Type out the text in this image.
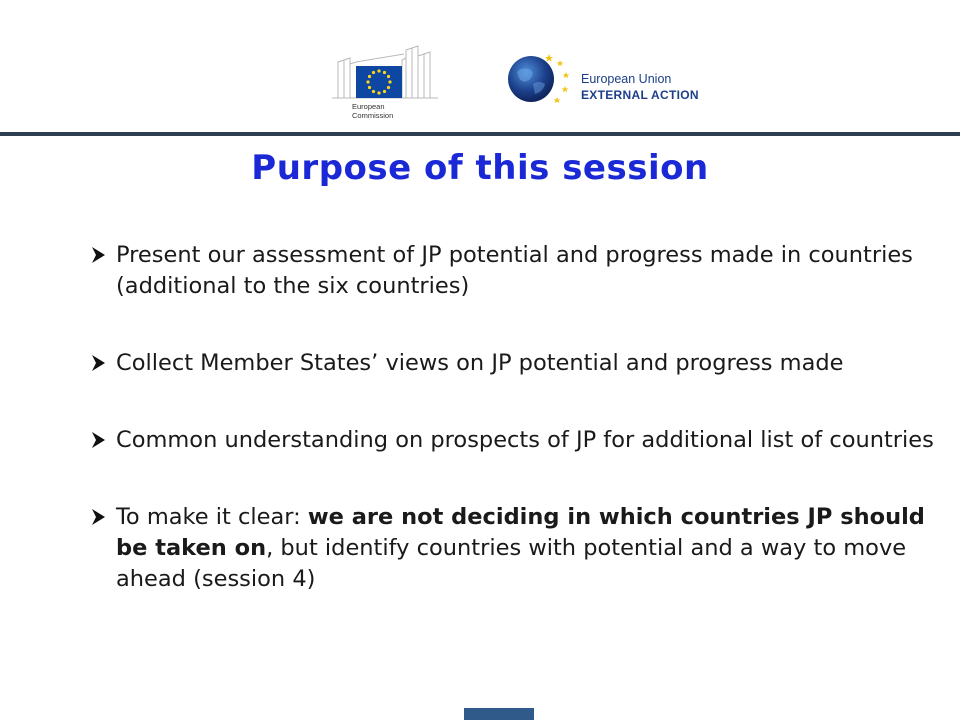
European
Commission
European Union
EXTERNAL ACTION
Purpose of this session
Present our assessment of JP potential and progress made in countries (additional to the six countries)
Collect Member States’ views on JP potential and progress made
Common understanding on prospects of JP for additional list of countries
To make it clear: we are not deciding in which countries JP should be taken on, but identify countries with potential and a way to move ahead (session 4)
